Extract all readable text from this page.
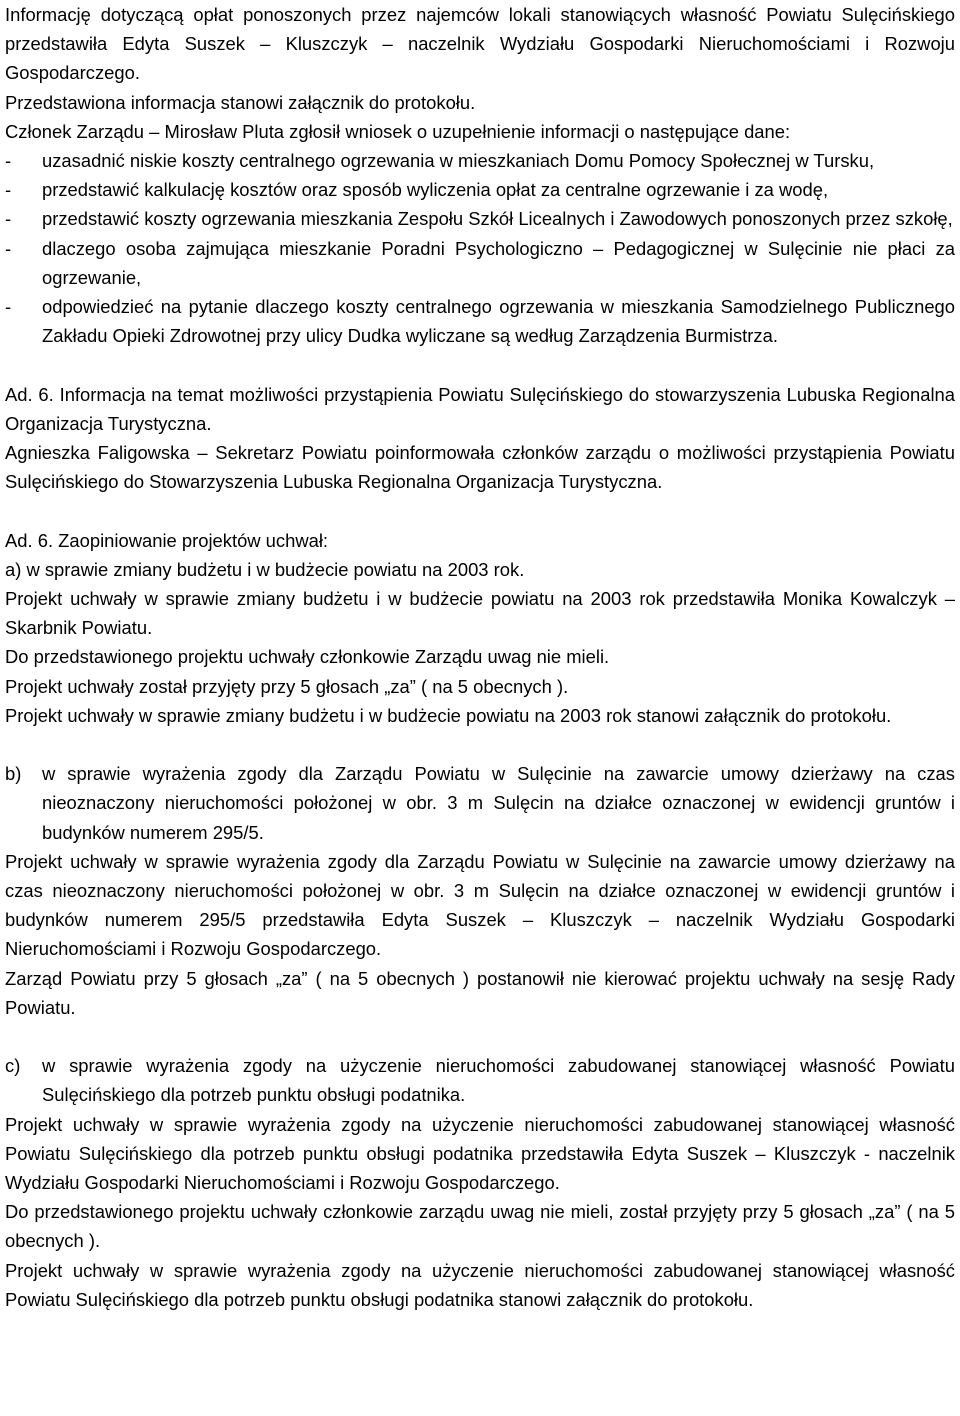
Informację dotyczącą opłat ponoszonych przez najemców lokali stanowiących własność Powiatu Sulęcińskiego przedstawiła Edyta Suszek – Kluszczyk – naczelnik Wydziału Gospodarki Nieruchomościami i Rozwoju Gospodarczego.

Przedstawiona informacja stanowi załącznik do protokołu.

Członek Zarządu – Mirosław Pluta zgłosił wniosek o uzupełnienie informacji o następujące dane:

-	uzasadnić niskie koszty centralnego ogrzewania w mieszkaniach Domu Pomocy Społecznej w Tursku,

-	przedstawić kalkulację kosztów oraz sposób wyliczenia opłat za centralne ogrzewanie i za wodę,

-	przedstawić koszty ogrzewania mieszkania Zespołu Szkół Licealnych i Zawodowych ponoszonych przez szkołę,

-	dlaczego osoba zajmująca mieszkanie Poradni Psychologiczno – Pedagogicznej w Sulęcinie nie płaci za ogrzewanie,

-	odpowiedzieć na pytanie dlaczego koszty centralnego ogrzewania w mieszkania Samodzielnego Publicznego Zakładu Opieki Zdrowotnej przy ulicy Dudka wyliczane są według Zarządzenia Burmistrza.

Ad. 6. Informacja na temat możliwości przystąpienia Powiatu Sulęcińskiego do stowarzyszenia Lubuska Regionalna Organizacja Turystyczna.

Agnieszka Faligowska – Sekretarz Powiatu poinformowała członków zarządu o możliwości przystąpienia Powiatu Sulęcińskiego do Stowarzyszenia Lubuska Regionalna Organizacja Turystyczna.

Ad. 6. Zaopiniowanie projektów uchwał:

a) w sprawie zmiany budżetu i w budżecie powiatu na 2003 rok.

Projekt uchwały w sprawie zmiany budżetu i w budżecie powiatu na 2003 rok przedstawiła Monika Kowalczyk – Skarbnik Powiatu.

Do przedstawionego projektu uchwały członkowie Zarządu uwag nie mieli.

Projekt uchwały został przyjęty przy 5 głosach „za” ( na 5 obecnych ).

Projekt uchwały w sprawie zmiany budżetu i w budżecie powiatu na 2003 rok stanowi załącznik do protokołu.

b)	w sprawie wyrażenia zgody dla Zarządu Powiatu w Sulęcinie na zawarcie umowy dzierżawy na czas nieoznaczony nieruchomości położonej w obr. 3 m Sulęcin na działce oznaczonej w ewidencji gruntów i budynków numerem 295/5.

Projekt uchwały w sprawie wyrażenia zgody dla Zarządu Powiatu w Sulęcinie na zawarcie umowy dzierżawy na czas nieoznaczony nieruchomości położonej w obr. 3 m Sulęcin na działce oznaczonej w ewidencji gruntów i budynków numerem 295/5 przedstawiła Edyta Suszek – Kluszczyk – naczelnik Wydziału Gospodarki Nieruchomościami i Rozwoju Gospodarczego.

Zarząd Powiatu przy 5 głosach „za” ( na 5 obecnych ) postanowił nie kierować projektu uchwały na sesję Rady Powiatu.

c)	w sprawie wyrażenia zgody na użyczenie nieruchomości zabudowanej stanowiącej własność Powiatu Sulęcińskiego dla potrzeb punktu obsługi podatnika.

Projekt uchwały w sprawie wyrażenia zgody na użyczenie nieruchomości zabudowanej stanowiącej własność Powiatu Sulęcińskiego dla potrzeb punktu obsługi podatnika przedstawiła Edyta Suszek – Kluszczyk - naczelnik Wydziału Gospodarki Nieruchomościami i Rozwoju Gospodarczego.

Do przedstawionego projektu uchwały członkowie zarządu uwag nie mieli, został przyjęty przy 5 głosach „za” ( na 5 obecnych ).

Projekt uchwały w sprawie wyrażenia zgody na użyczenie nieruchomości zabudowanej stanowiącej własność Powiatu Sulęcińskiego dla potrzeb punktu obsługi podatnika stanowi załącznik do protokołu.
